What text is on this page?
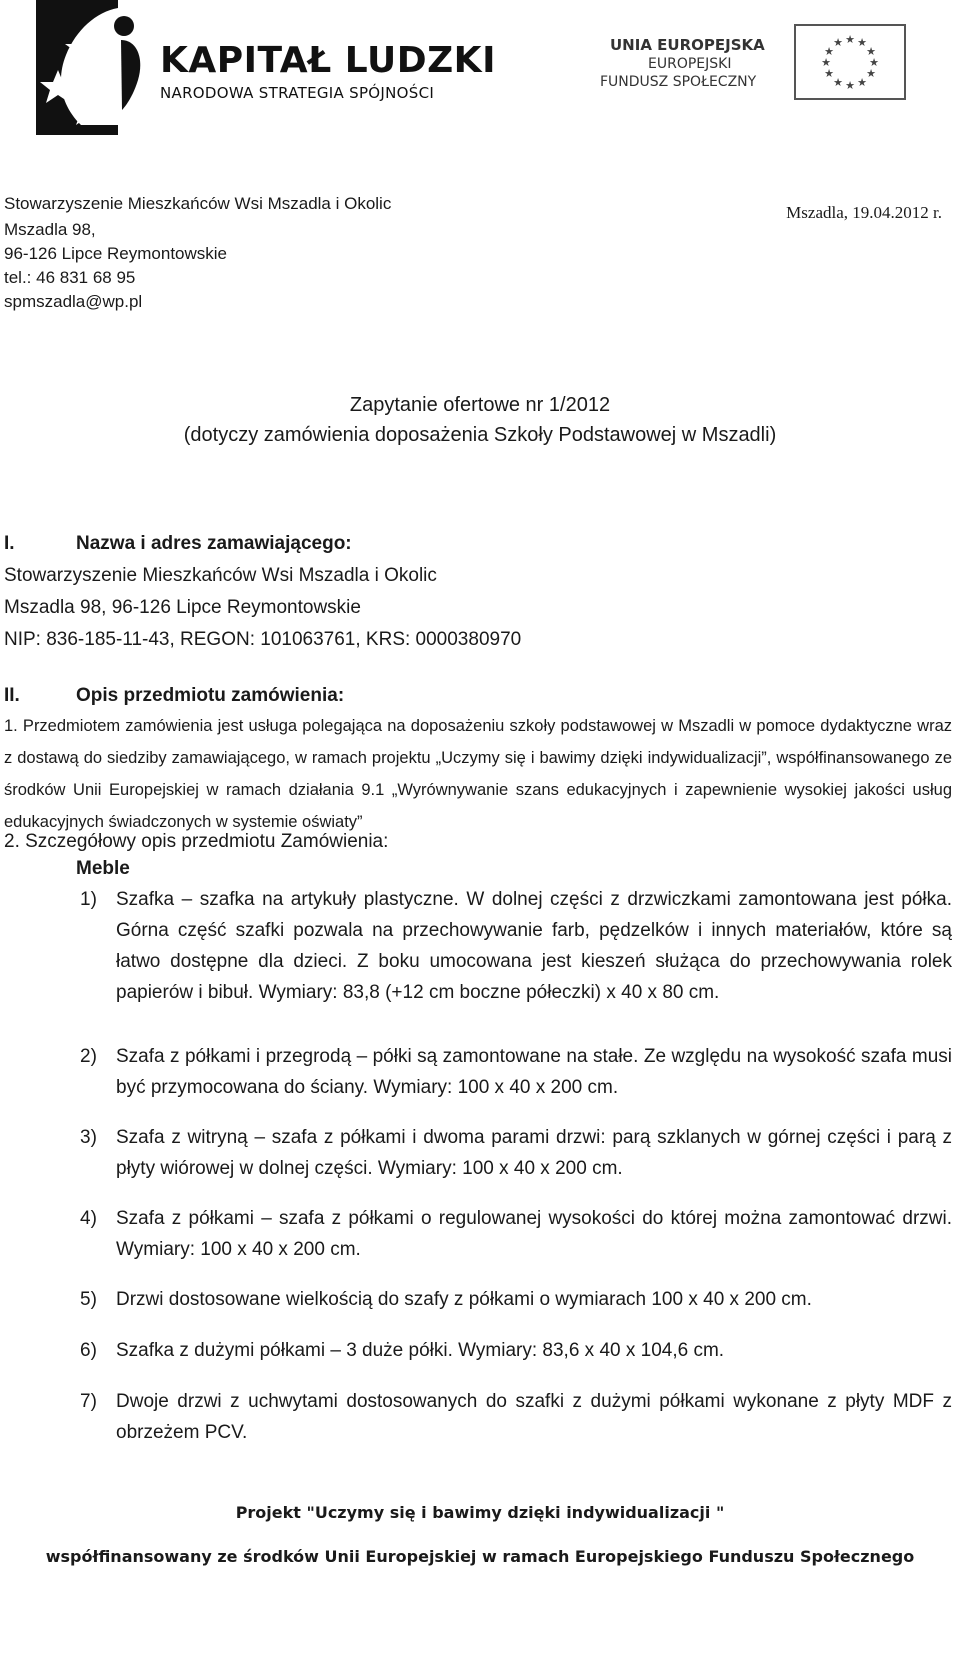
KAPITAŁ LUDZKI
NARODOWA STRATEGIA SPÓJNOŚCI
UNIA EUROPEJSKA
EUROPEJSKI
FUNDUSZ SPOŁECZNY
★ ★
★
★
★
★
★
★
★
★
★
★
Stowarzyszenie Mieszkańców Wsi Mszadla i Okolic
Mszadla 98,
96-126 Lipce Reymontowskie
tel.: 46 831 68 95
spmszadla@wp.pl
Mszadla, 19.04.2012 r.
Zapytanie ofertowe nr 1/2012
(dotyczy zamówienia doposażenia Szkoły Podstawowej w Mszadli)
I.	Nazwa i adres zamawiającego:
Stowarzyszenie Mieszkańców Wsi Mszadla i Okolic
Mszadla 98, 96-126 Lipce Reymontowskie
NIP: 836-185-11-43, REGON: 101063761, KRS: 0000380970
II.	Opis przedmiotu zamówienia:
1. Przedmiotem zamówienia jest usługa polegająca na doposażeniu szkoły podstawowej w Mszadli w pomoce dydaktyczne wraz z dostawą do siedziby zamawiającego, w ramach projektu „Uczymy się i bawimy dzięki indywidualizacji”, współfinansowanego ze środków Unii Europejskiej w ramach działania 9.1 „Wyrównywanie szans edukacyjnych i zapewnienie wysokiej jakości usług edukacyjnych świadczonych w systemie oświaty”
2. Szczegółowy opis przedmiotu Zamówienia:
Meble
1) Szafka – szafka na artykuły plastyczne. W dolnej części z drzwiczkami zamontowana jest półka. Górna część szafki pozwala na przechowywanie farb, pędzelków i innych materiałów, które są łatwo dostępne dla dzieci. Z boku umocowana jest kieszeń służąca do przechowywania rolek papierów i bibuł. Wymiary: 83,8 (+12 cm boczne półeczki) x 40 x 80 cm.
2) Szafa z półkami i przegrodą – półki są zamontowane na stałe. Ze względu na wysokość szafa musi być przymocowana do ściany. Wymiary: 100 x 40 x 200 cm.
3) Szafa z witryną – szafa z półkami i dwoma parami drzwi: parą szklanych w górnej części i parą z płyty wiórowej w dolnej części. Wymiary: 100 x 40 x 200 cm.
4) Szafa z półkami – szafa z półkami o regulowanej wysokości do której można zamontować drzwi. Wymiary: 100 x 40 x 200 cm.
5) Drzwi dostosowane wielkością do szafy z półkami o wymiarach 100 x 40 x 200 cm.
6) Szafka z dużymi półkami – 3 duże półki. Wymiary: 83,6 x 40 x 104,6 cm.
7) Dwoje drzwi z uchwytami dostosowanych do szafki z dużymi półkami wykonane z płyty MDF z obrzeżem PCV.
Projekt "Uczymy się i bawimy dzięki indywidualizacji "
współfinansowany ze środków Unii Europejskiej w ramach Europejskiego Funduszu Społecznego
